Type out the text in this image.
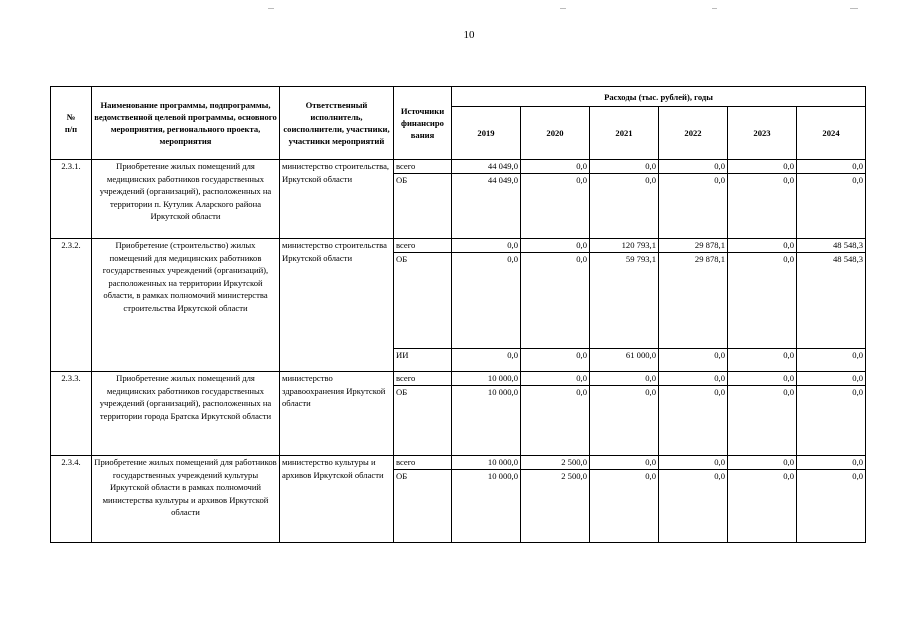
10
№
п/п	Наименование программы, подпрограммы, ведомственной целевой программы, основного мероприятия, регионального проекта, мероприятия	Ответственный исполнитель, соисполнители, участники, участники мероприятий	Источники финансиро вания	Расходы (тыс. рублей), годы					
				2019	2020	2021	2022	2023	2024
2.3.1.	Приобретение жилых помещений для медицинских работников государственных учреждений (организаций), расположенных на территории п. Кутулик Аларского района Иркутской области	министерство строительства, Иркутской области	всего	44 049,0	0,0	0,0	0,0	0,0	0,0
			ОБ	44 049,0	0,0	0,0	0,0	0,0	0,0
2.3.2.	Приобретение (строительство) жилых помещений для медицинских работников государственных учреждений (организаций), расположенных на территории Иркутской области, в рамках полномочий министерства строительства Иркутской области	министерство строительства Иркутской области	всего	0,0	0,0	120 793,1	29 878,1	0,0	48 548,3
			ОБ	0,0	0,0	59 793,1	29 878,1	0,0	48 548,3
			ИИ	0,0	0,0	61 000,0	0,0	0,0	0,0
2.3.3.	Приобретение жилых помещений для медицинских работников государственных учреждений (организаций), расположенных на территории города Братска Иркутской области	министерство здравоохранения Иркутской области	всего	10 000,0	0,0	0,0	0,0	0,0	0,0
			ОБ	10 000,0	0,0	0,0	0,0	0,0	0,0
2.3.4.	Приобретение жилых помещений для работников государственных учреждений культуры Иркутской области в рамках полномочий министерства культуры и архивов Иркутской области	министерство культуры и архивов Иркутской области	всего	10 000,0	2 500,0	0,0	0,0	0,0	0,0
			ОБ	10 000,0	2 500,0	0,0	0,0	0,0	0,0
